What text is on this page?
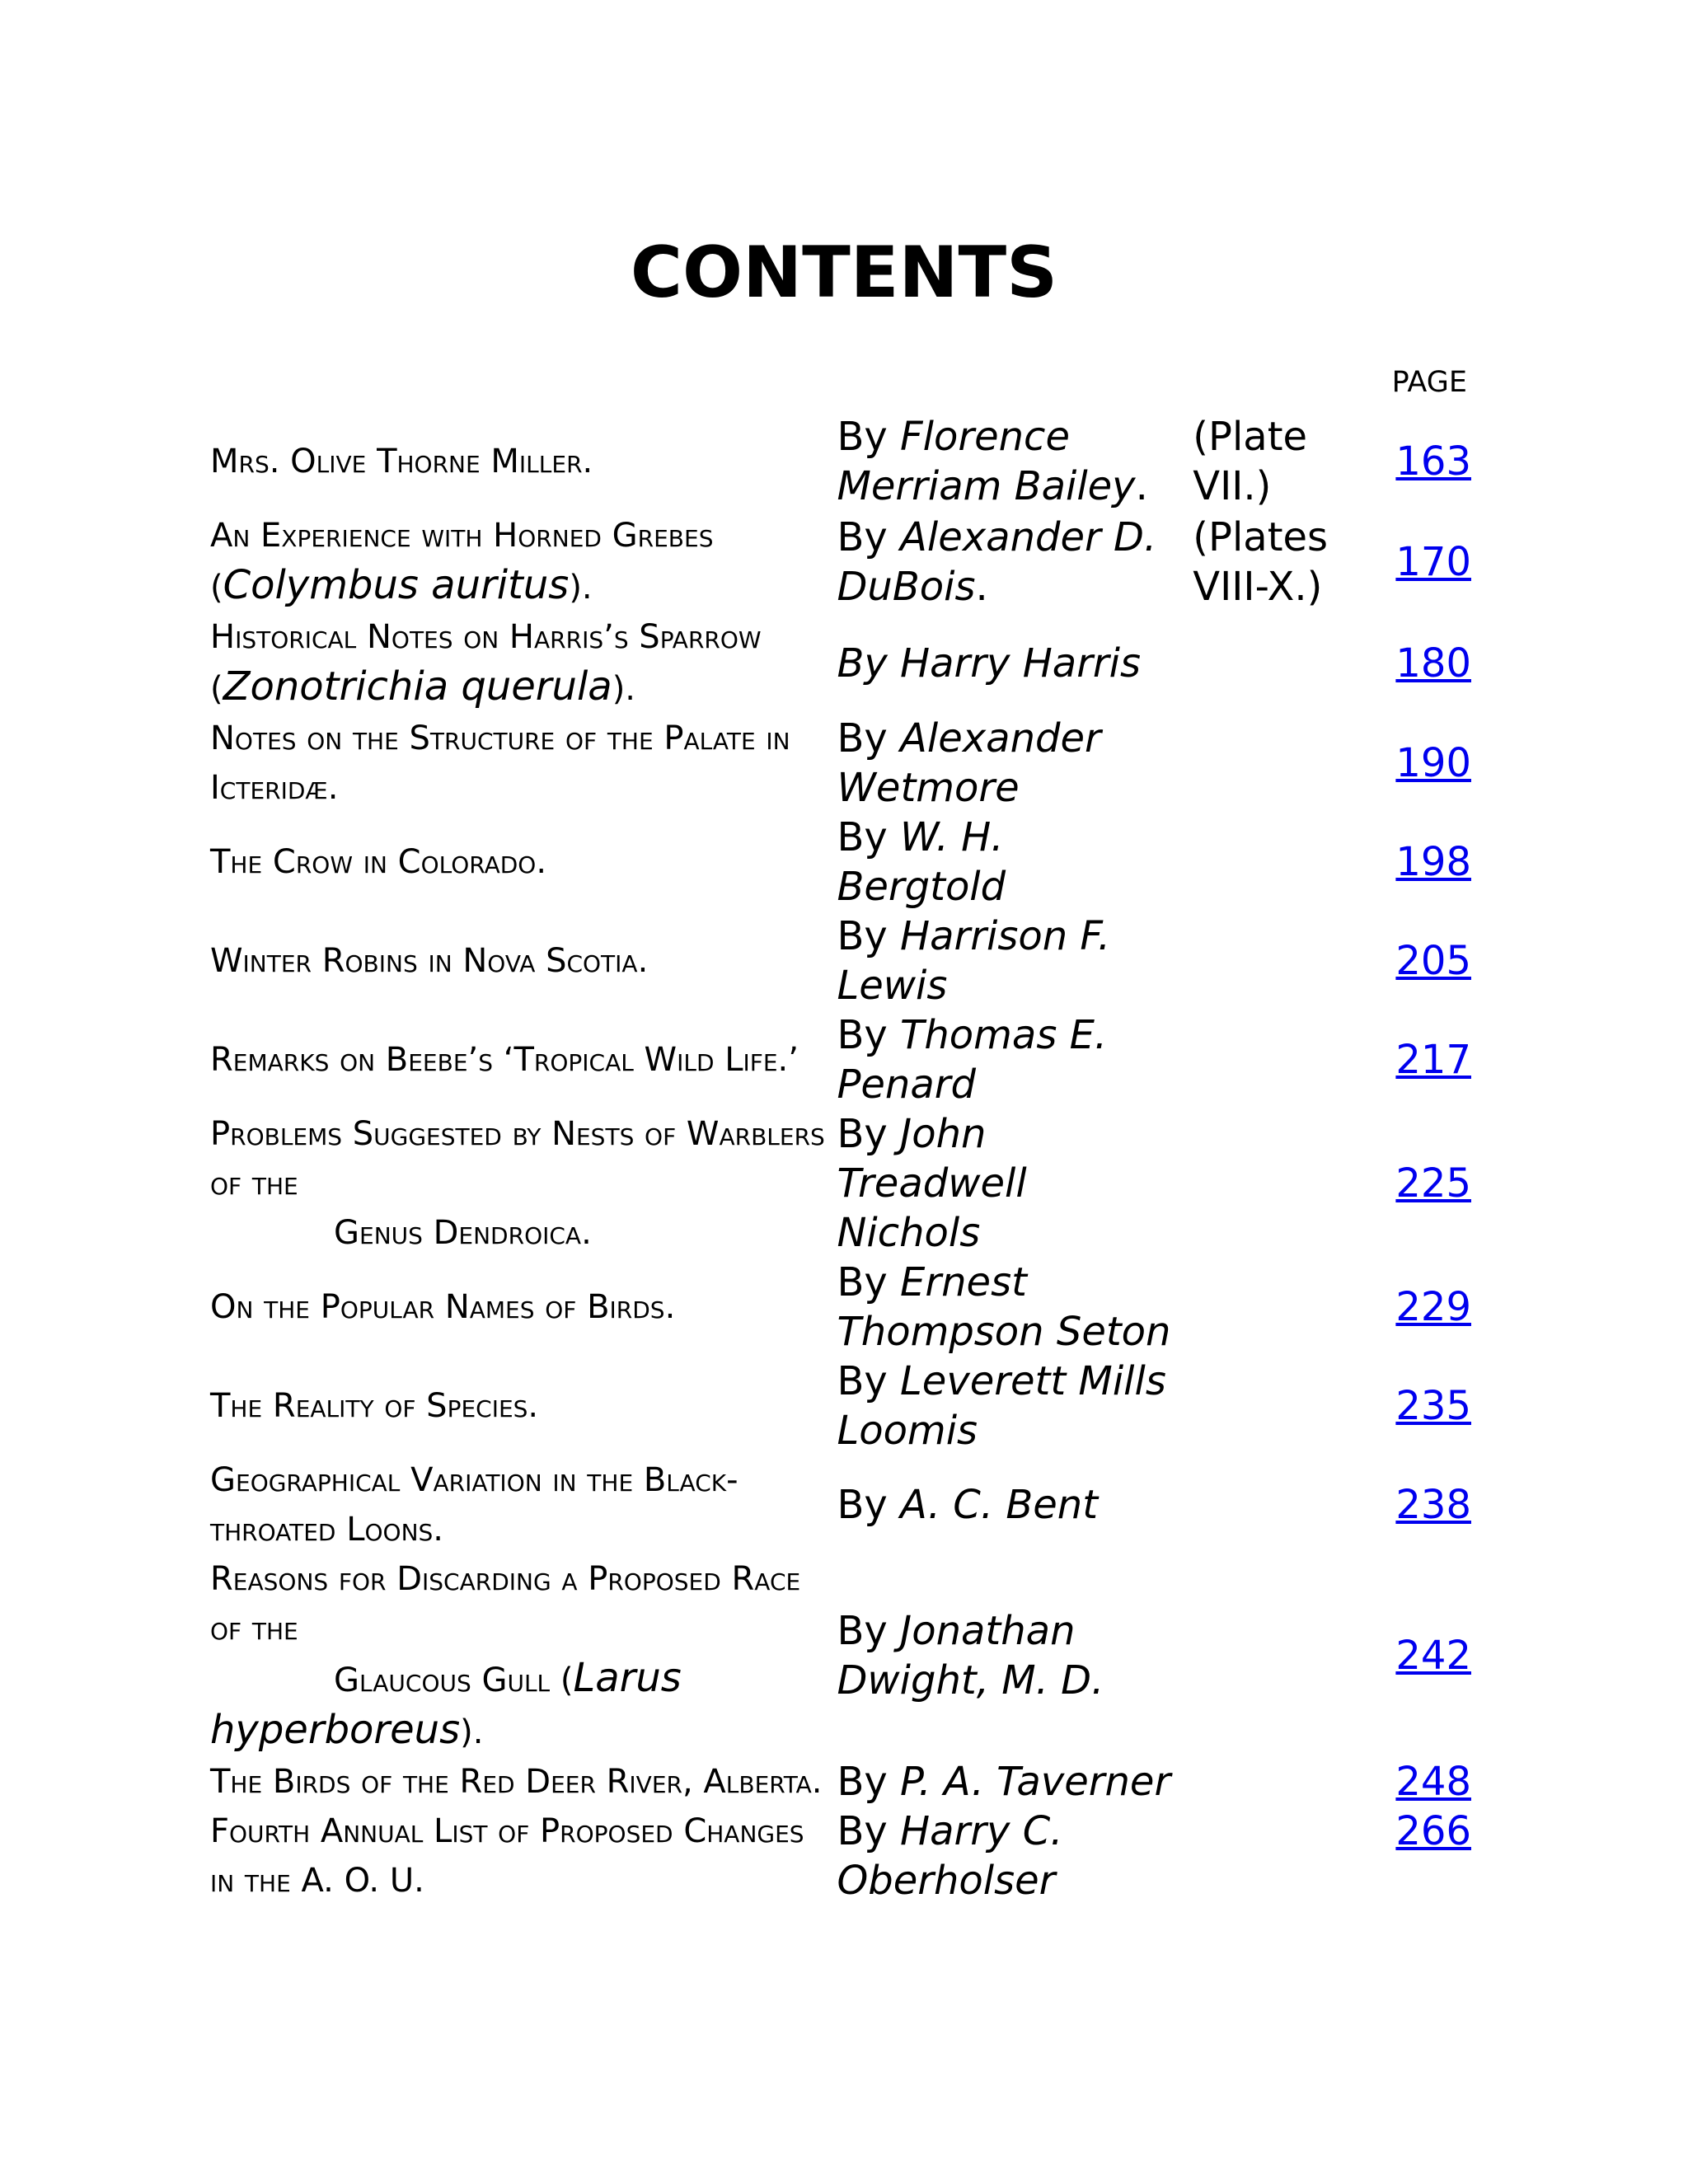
CONTENTS
PAGE
Mrs. Olive Thorne Miller.	By Florence Merriam Bailey.	(Plate VII.)	163
An Experience with Horned Grebes (Colymbus auritus).	By Alexander D. DuBois.	(Plates VIII-X.)	170
Historical Notes on Harris’s Sparrow (Zonotrichia querula).	By Harry Harris		180
Notes on the Structure of the Palate in Icteridæ.	By Alexander Wetmore		190
The Crow in Colorado.	By W. H. Bergtold		198
Winter Robins in Nova Scotia.	By Harrison F. Lewis		205
Remarks on Beebe’s ‘Tropical Wild Life.’	By Thomas E. Penard		217
Problems Suggested by Nests of Warblers of the
Genus Dendroica.	By John Treadwell Nichols		225
On the Popular Names of Birds.	By Ernest Thompson Seton		229
The Reality of Species.	By Leverett Mills Loomis		235
Geographical Variation in the Black-throated Loons.	By A. C. Bent		238
Reasons for Discarding a Proposed Race of the
Glaucous Gull (Larus hyperboreus).	By Jonathan Dwight, M. D.		242
The Birds of the Red Deer River, Alberta.	By P. A. Taverner		248
Fourth Annual List of Proposed Changes in the A. O. U.	By Harry C. Oberholser		266
